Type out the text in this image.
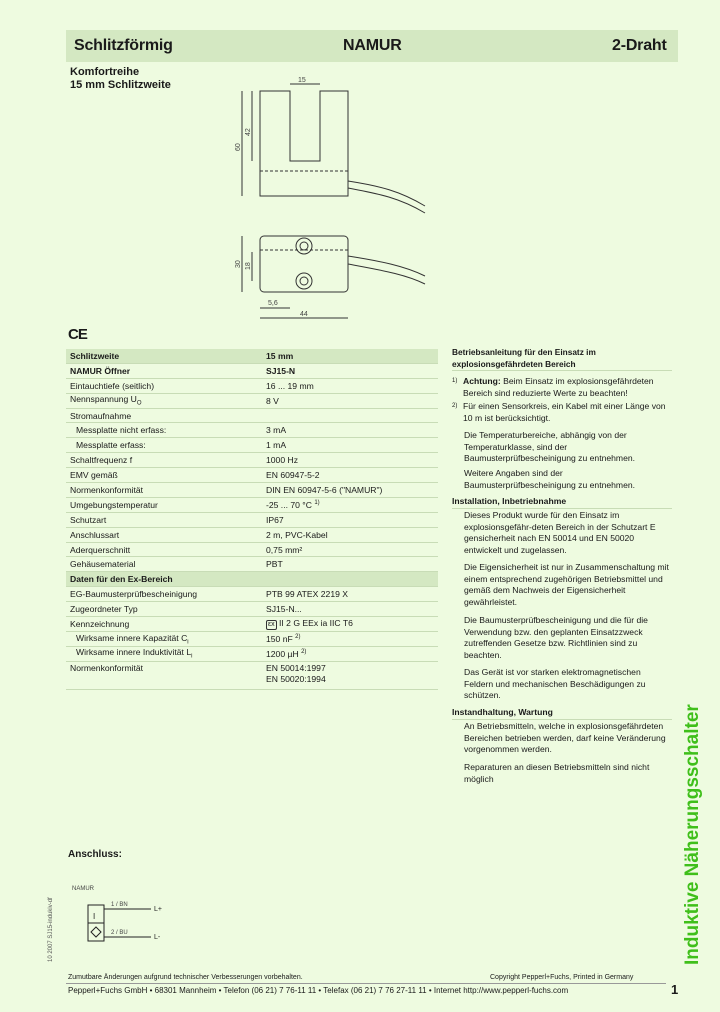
Schlitzförmig	NAMUR	2-Draht
Komfortreihe
15 mm Schlitzweite	15
42
60
30 18
5,6
44
CE
Schlitzweite	15 mm
NAMUR Öffner	SJ15-N
Eintauchtiefe (seitlich)	16 ... 19 mm
Nennspannung $U_O$	8 V
Stromaufnahme	
Messplatte nicht erfass:	3 mA
Messplatte erfass:	1 mA
Schaltfrequenz f	1000 Hz
EMV gemäß	EN 60947-5-2
Normenkonformität	DIN EN 60947-5-6 ("NAMUR")
Umgebungstemperatur	-25 ... 70 °C $^{1)}$
Schutzart	IP67
Anschlussart	2 m, PVC-Kabel
Aderquerschnitt	0,75 mm²
Gehäusematerial	PBT
Daten für den Ex-Bereich	
EG-Baumusterprüfbescheinigung	PTB 99 ATEX 2219 X
Zugeordneter Typ	SJ15-N...
Kennzeichnung	εx II 2 G EEx ia IIC T6
Wirksame innere Kapazität $C_i$	150 nF $^{2)}$
Wirksame innere Induktivität $L_i$	1200 µH $^{2)}$
Normenkonformität	EN 50014:1997
EN 50020:1994
Betriebsanleitung für den Einsatz im explosionsgefährdeten Bereich
1) Achtung: Beim Einsatz im explosionsgefährdeten Bereich sind reduzierte Werte zu beachten!
2) Für einen Sensorkreis, ein Kabel mit einer Länge von 10 m ist berücksichtigt.
Die Temperaturbereiche, abhängig von der Temperaturklasse, sind der Baumusterprüfbescheinigung zu entnehmen.
Weitere Angaben sind der Baumusterprüfbescheinigung zu entnehmen.
Installation, Inbetriebnahme
Dieses Produkt wurde für den Einsatz im explosionsgefähr-deten Bereich in der Schutzart E gensicherheit nach EN 50014 und EN 50020 entwickelt und zugelassen.
Die Eigensicherheit ist nur in Zusammenschaltung mit einem entsprechend zugehörigen Betriebsmittel und gemäß dem Nachweis der Eigensicherheit gewährleistet.
Die Baumusterprüfbescheinigung und die für die Verwendung bzw. den geplanten Einsatzzweck zutreffenden Gesetze bzw. Richtlinien sind zu beachten.
Das Gerät ist vor starken elektromagnetischen Feldern und mechanischen Beschädigungen zu schützen.
Instandhaltung, Wartung
An Betriebsmitteln, welche in explosionsgefährdeten Bereichen betrieben werden, darf keine Veränderung vorgenommen werden.
Reparaturen an diesen Betriebsmitteln sind nicht möglich	Induktive Näherungsschalter
Anschluss:
10 2007 SJ15-indukiv-df	I
NAMUR
1 / BN
2 / BU
L+
L-
Zumutbare Änderungen aufgrund technischer Verbesserungen vorbehalten.	Copyright Pepperl+Fuchs, Printed in Germany
Pepperl+Fuchs GmbH • 68301 Mannheim • Telefon (06 21) 7 76-11 11 • Telefax (06 21) 7 76 27-11 11 • Internet http://www.pepperl-fuchs.com	1
